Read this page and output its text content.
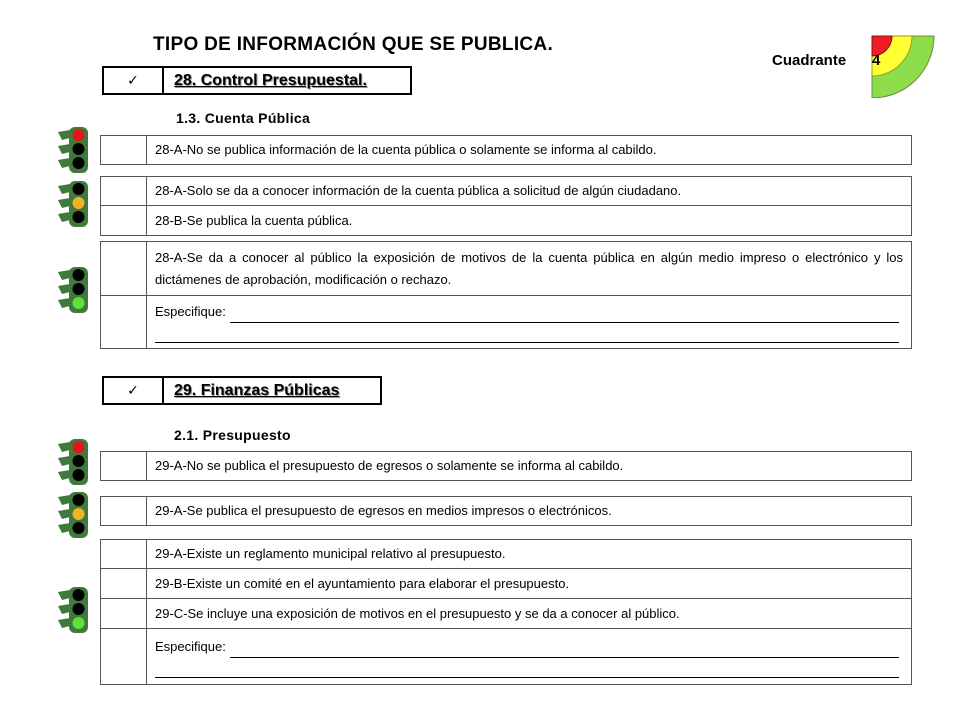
TIPO DE INFORMACIÓN QUE SE PUBLICA.
Cuadrante 4
✓	28. Control Presupuestal.
1.3. Cuenta Pública
	28-A-No se publica información de la cuenta pública o solamente se informa al cabildo.
	28-A-Solo se da a conocer información de la cuenta pública a solicitud de algún ciudadano.
	28-B-Se publica la cuenta pública.
	28-A-Se da a conocer al público la exposición de motivos de la cuenta pública en algún medio impreso o electrónico y los dictámenes de aprobación, modificación o rechazo.

	Especifique:
✓	29. Finanzas Públicas
2.1. Presupuesto
	29-A-No se publica el presupuesto de egresos o solamente se informa al cabildo.
	29-A-Se publica el presupuesto de egresos en medios impresos o electrónicos.
	29-A-Existe un reglamento municipal relativo al presupuesto.
	29-B-Existe un comité en el ayuntamiento para elaborar el presupuesto.
	29-C-Se incluye una exposición de motivos en el presupuesto y se da a conocer al público.

	Especifique:
